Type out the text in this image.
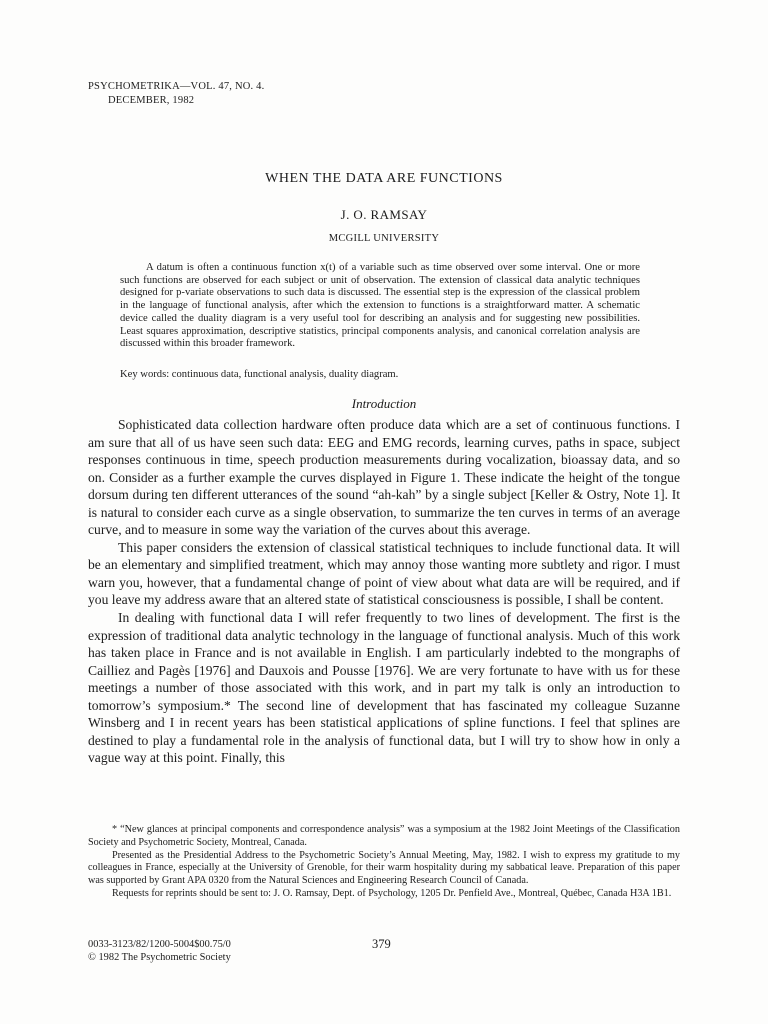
PSYCHOMETRIKA—VOL. 47, NO. 4.
DECEMBER, 1982
WHEN THE DATA ARE FUNCTIONS
J. O. RAMSAY
MCGILL UNIVERSITY

A datum is often a continuous function x(t) of a variable such as time observed over some interval. One or more such functions are observed for each subject or unit of observation. The extension of classical data analytic techniques designed for p-variate observations to such data is discussed. The essential step is the expression of the classical problem in the language of functional analysis, after which the extension to functions is a straightforward matter. A schematic device called the duality diagram is a very useful tool for describing an analysis and for suggesting new possibilities. Least squares approximation, descriptive statistics, principal components analysis, and canonical correlation analysis are discussed within this broader framework.

Key words: continuous data, functional analysis, duality diagram.

Introduction

Sophisticated data collection hardware often produce data which are a set of continuous functions. I am sure that all of us have seen such data: EEG and EMG records, learning curves, paths in space, subject responses continuous in time, speech production measurements during vocalization, bioassay data, and so on. Consider as a further example the curves displayed in Figure 1. These indicate the height of the tongue dorsum during ten different utterances of the sound “ah-kah” by a single subject [Keller & Ostry, Note 1]. It is natural to consider each curve as a single observation, to summarize the ten curves in terms of an average curve, and to measure in some way the variation of the curves about this average.

This paper considers the extension of classical statistical techniques to include functional data. It will be an elementary and simplified treatment, which may annoy those wanting more subtlety and rigor. I must warn you, however, that a fundamental change of point of view about what data are will be required, and if you leave my address aware that an altered state of statistical consciousness is possible, I shall be content.

In dealing with functional data I will refer frequently to two lines of development. The first is the expression of traditional data analytic technology in the language of functional analysis. Much of this work has taken place in France and is not available in English. I am particularly indebted to the mongraphs of Cailliez and Pagès [1976] and Dauxois and Pousse [1976]. We are very fortunate to have with us for these meetings a number of those associated with this work, and in part my talk is only an introduction to tomorrow’s symposium.* The second line of development that has fascinated my colleague Suzanne Winsberg and I in recent years has been statistical applications of spline functions. I feel that splines are destined to play a fundamental role in the analysis of functional data, but I will try to show how in only a vague way at this point. Finally, this

* “New glances at principal components and correspondence analysis” was a symposium at the 1982 Joint Meetings of the Classification Society and Psychometric Society, Montreal, Canada.

Presented as the Presidential Address to the Psychometric Society’s Annual Meeting, May, 1982. I wish to express my gratitude to my colleagues in France, especially at the University of Grenoble, for their warm hospitality during my sabbatical leave. Preparation of this paper was supported by Grant APA 0320 from the Natural Sciences and Engineering Research Council of Canada.

Requests for reprints should be sent to: J. O. Ramsay, Dept. of Psychology, 1205 Dr. Penfield Ave., Montreal, Québec, Canada H3A 1B1.

0033-3123/82/1200-5004$00.75/0
© 1982 The Psychometric Society
379
